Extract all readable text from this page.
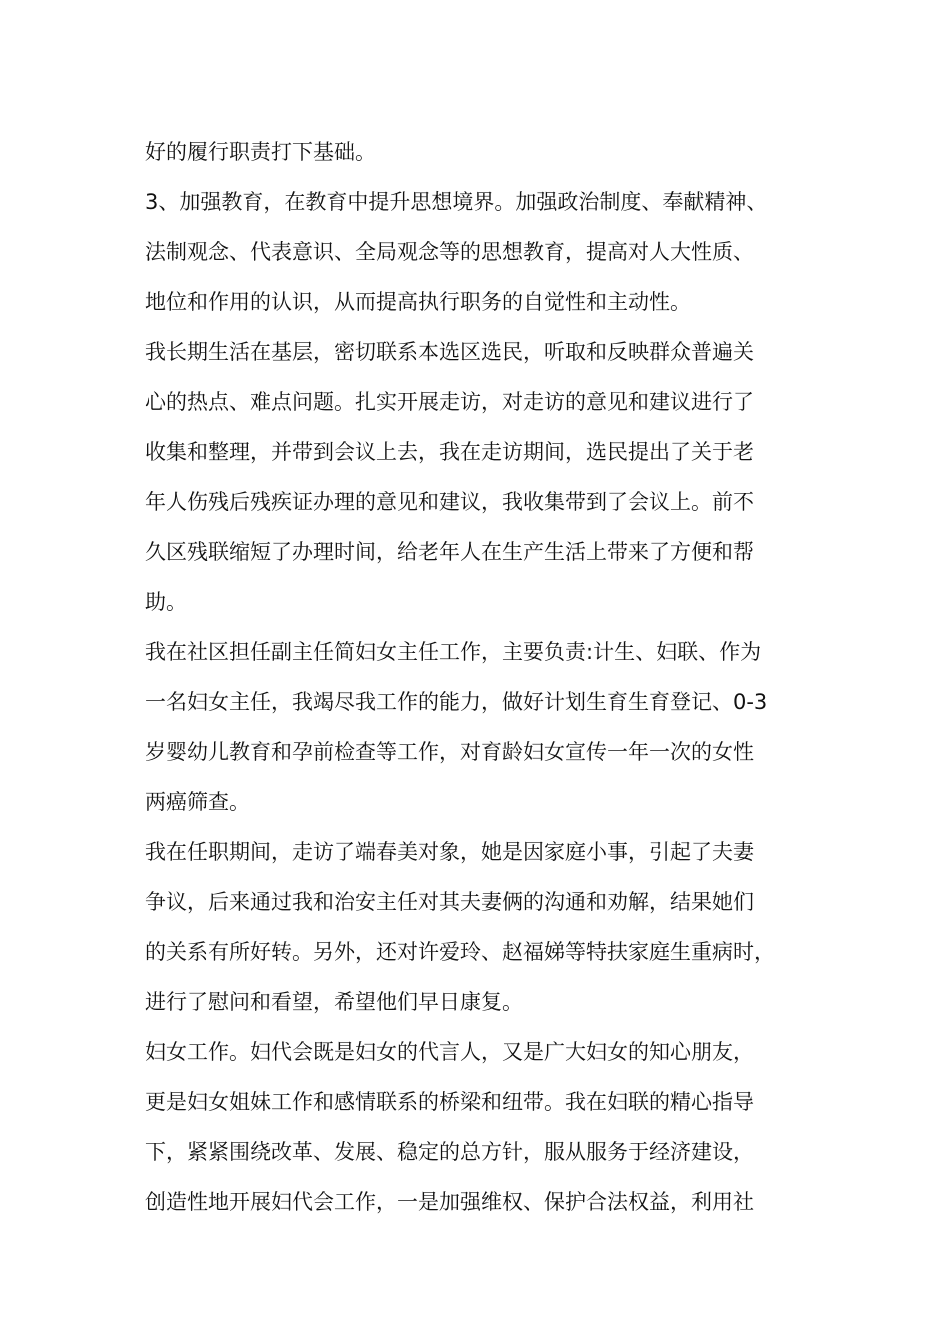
好的履行职责打下基础。
3、加强教育，在教育中提升思想境界。加强政治制度、奉献精神、
法制观念、代表意识、全局观念等的思想教育，提高对人大性质、
地位和作用的认识，从而提高执行职务的自觉性和主动性。
我长期生活在基层，密切联系本选区选民，听取和反映群众普遍关
心的热点、难点问题。扎实开展走访，对走访的意见和建议进行了
收集和整理，并带到会议上去，我在走访期间，选民提出了关于老
年人伤残后残疾证办理的意见和建议，我收集带到了会议上。前不
久区残联缩短了办理时间，给老年人在生产生活上带来了方便和帮
助。
我在社区担任副主任简妇女主任工作，主要负责:计生、妇联、作为
一名妇女主任，我竭尽我工作的能力，做好计划生育生育登记、0-3
岁婴幼儿教育和孕前检查等工作，对育龄妇女宣传一年一次的女性
两癌筛查。
我在任职期间，走访了端春美对象，她是因家庭小事，引起了夫妻
争议，后来通过我和治安主任对其夫妻俩的沟通和劝解，结果她们
的关系有所好转。另外，还对许爱玲、赵福娣等特扶家庭生重病时，
进行了慰问和看望，希望他们早日康复。
妇女工作。妇代会既是妇女的代言人，又是广大妇女的知心朋友，
更是妇女姐妹工作和感情联系的桥梁和纽带。我在妇联的精心指导
下，紧紧围绕改革、发展、稳定的总方针，服从服务于经济建设，
创造性地开展妇代会工作，一是加强维权、保护合法权益，利用社
